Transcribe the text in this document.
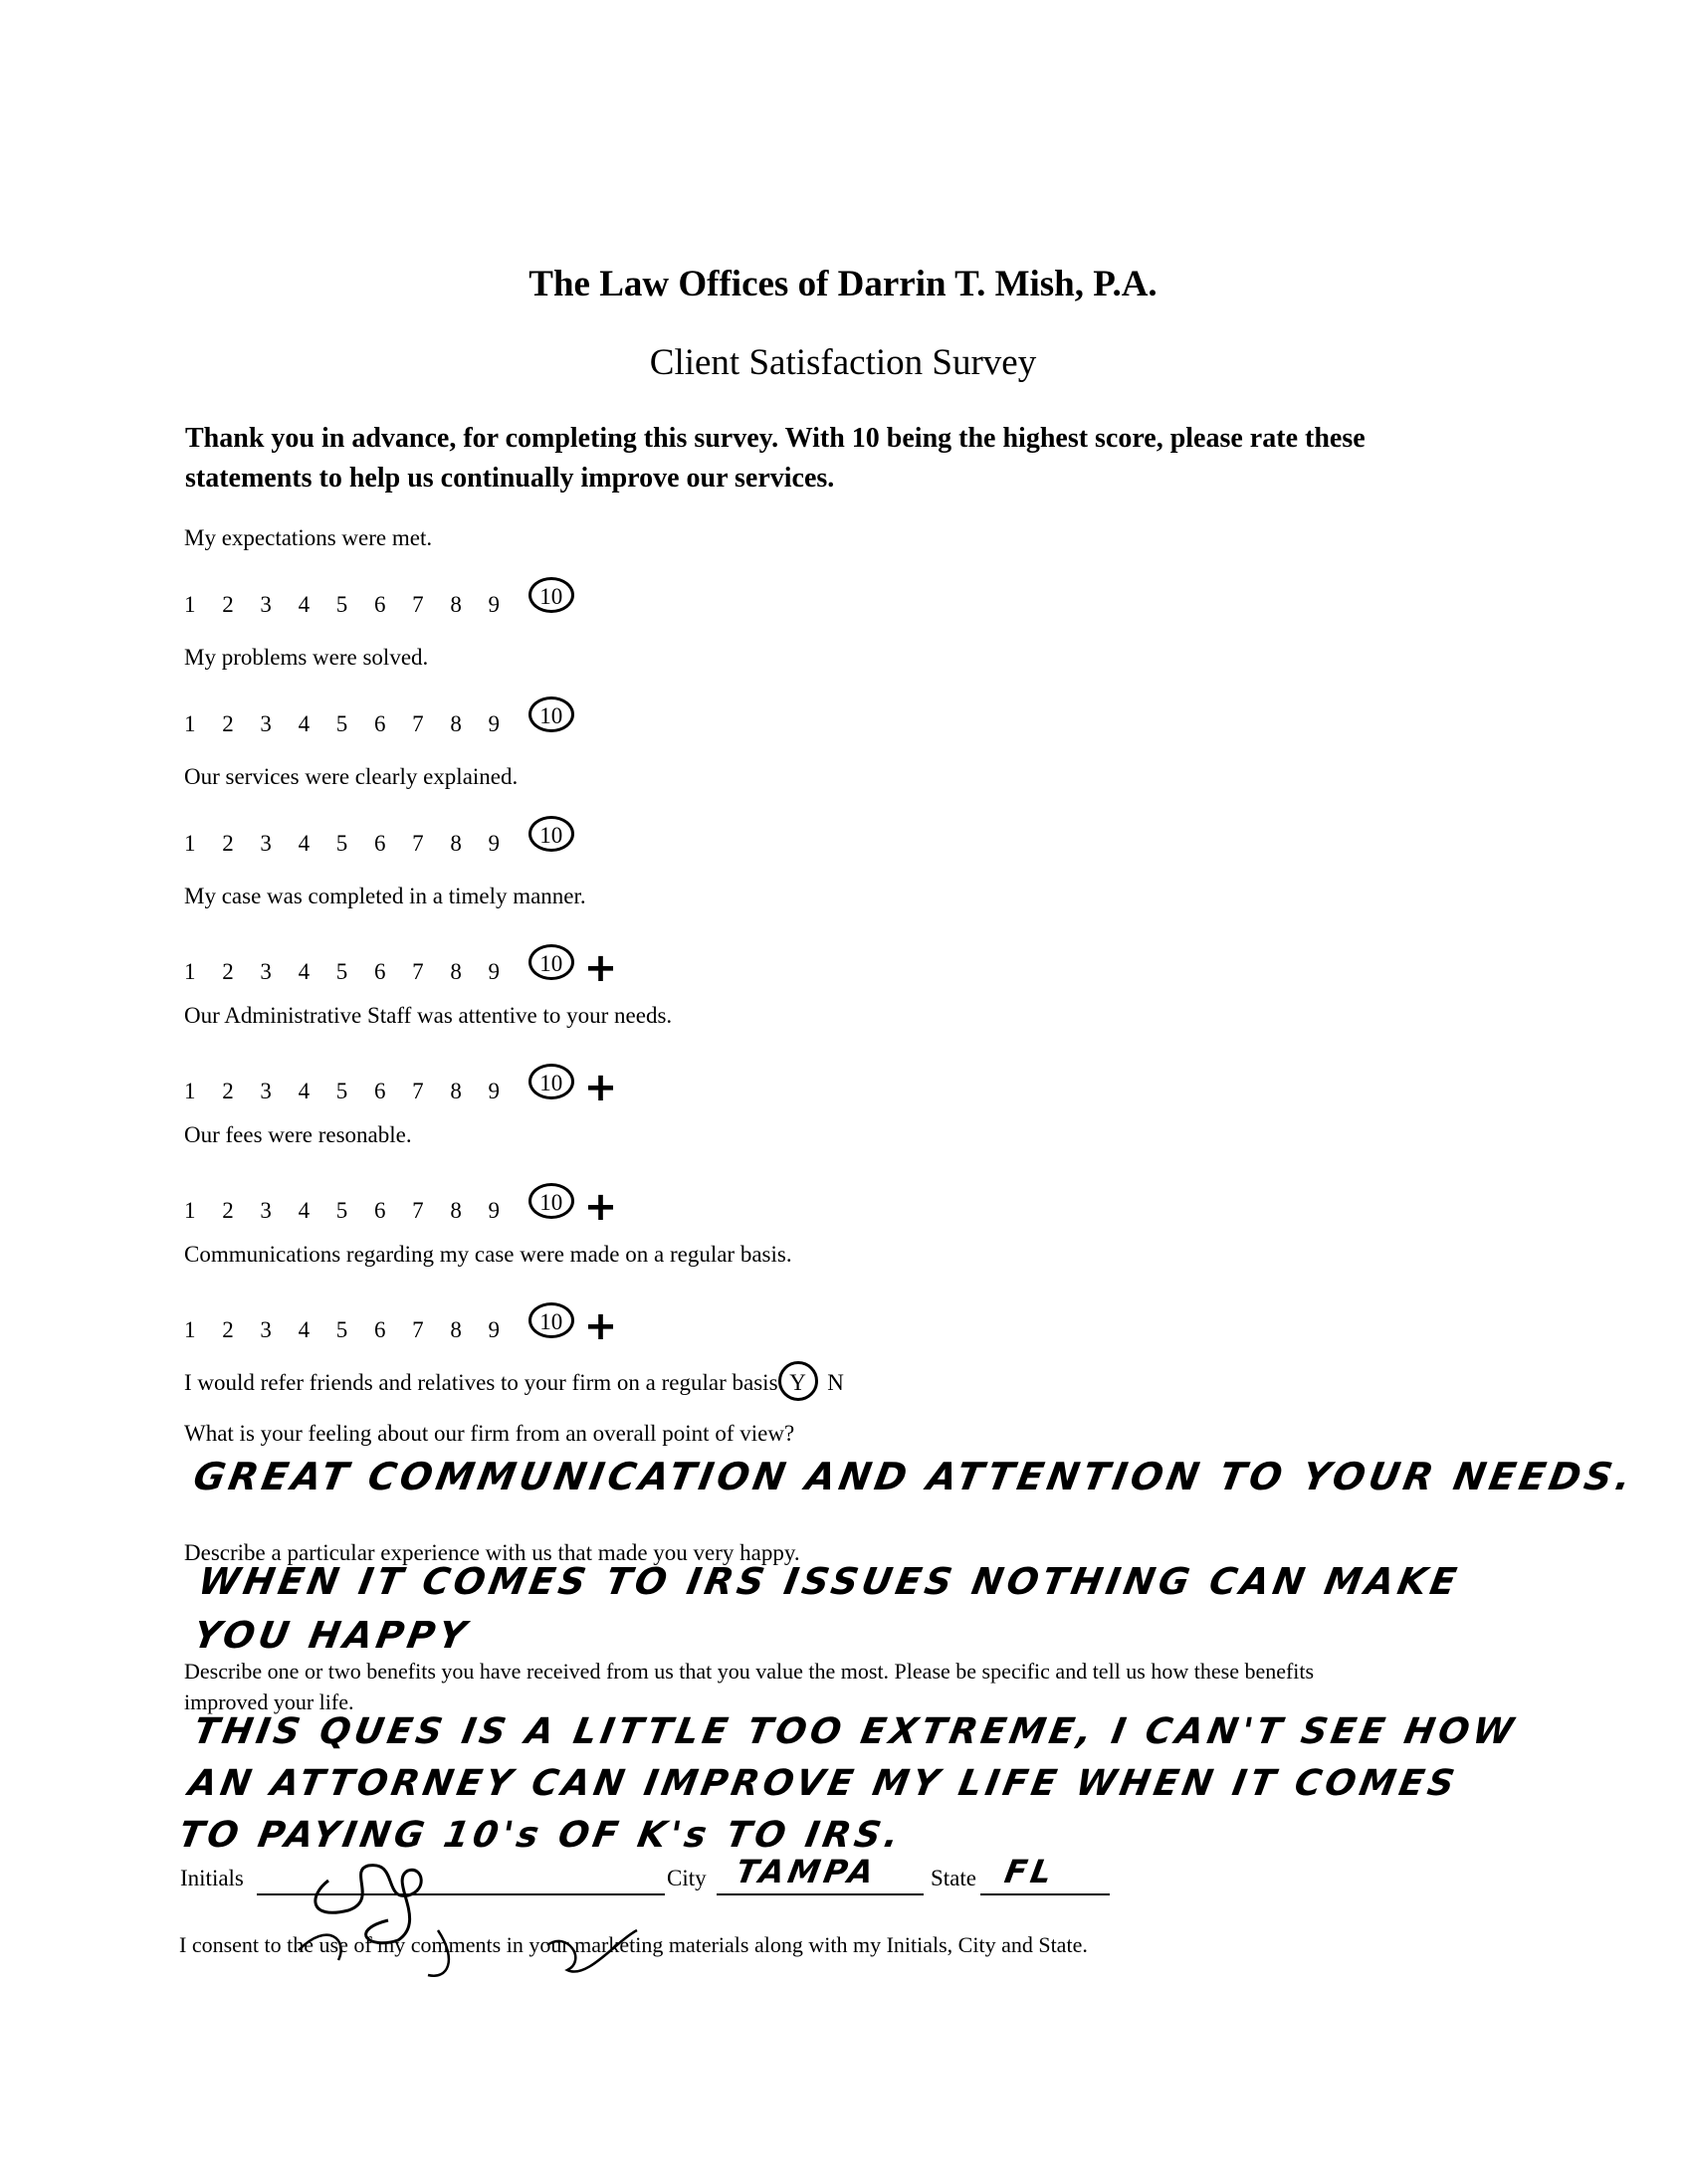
The Law Offices of Darrin T. Mish, P.A.
Client Satisfaction Survey
Thank you in advance, for completing this survey. With 10 being the highest score, please rate these statements to help us continually improve our services.
My expectations were met.
1 2 3 4 5 6 7 8 9 10
My problems were solved.
1 2 3 4 5 6 7 8 9 10
Our services were clearly explained.
1 2 3 4 5 6 7 8 9 10
My case was completed in a timely manner.
1 2 3 4 5 6 7 8 9 10 +
Our Administrative Staff was attentive to your needs.
1 2 3 4 5 6 7 8 9 10 +
Our fees were resonable.
1 2 3 4 5 6 7 8 9 10 +
Communications regarding my case were made on a regular basis.
1 2 3 4 5 6 7 8 9 10 +
I would refer friends and relatives to your firm on a regular basis Y N
What is your feeling about our firm from an overall point of view?
GREAT COMMUNICATION AND ATTENTION TO YOUR NEEDS.
Describe a particular experience with us that made you very happy.
WHEN IT COMES TO IRS ISSUES NOTHING CAN MAKE
YOU HAPPY
Describe one or two benefits you have received from us that you value the most. Please be specific and tell us how these benefits
improved your life.
THIS QUES IS A LITTLE TOO EXTREME, I CAN'T SEE HOW
AN ATTORNEY CAN IMPROVE MY LIFE WHEN IT COMES
TO PAYING 10's OF K's TO IRS.
Initials	City TAMPA State FL
I consent to the use of my comments in your marketing materials along with my Initials, City and State.
